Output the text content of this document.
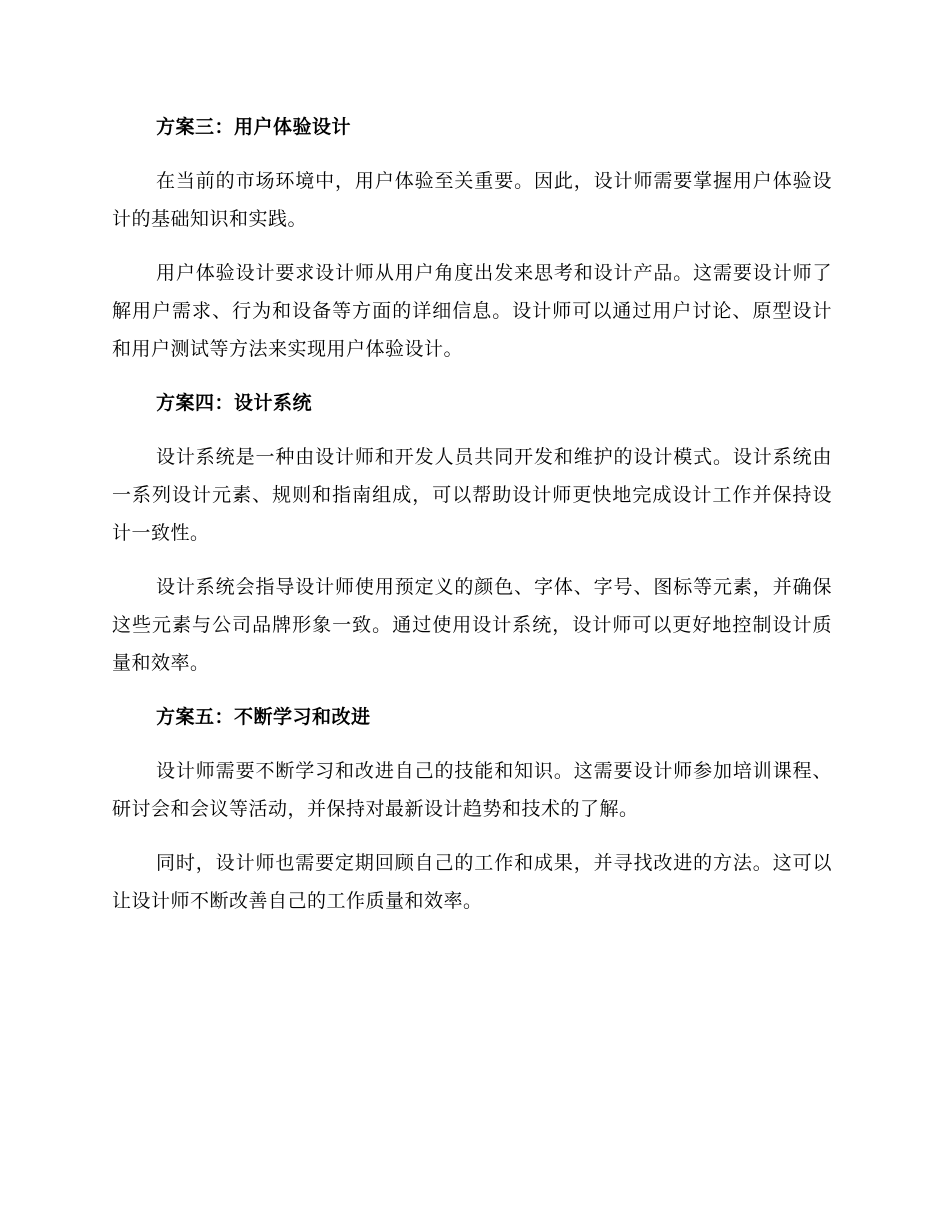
方案三：用户体验设计

在当前的市场环境中，用户体验至关重要。因此，设计师需要掌握用户体验设计的基础知识和实践。

用户体验设计要求设计师从用户角度出发来思考和设计产品。这需要设计师了解用户需求、行为和设备等方面的详细信息。设计师可以通过用户讨论、原型设计和用户测试等方法来实现用户体验设计。

方案四：设计系统

设计系统是一种由设计师和开发人员共同开发和维护的设计模式。设计系统由一系列设计元素、规则和指南组成，可以帮助设计师更快地完成设计工作并保持设计一致性。

设计系统会指导设计师使用预定义的颜色、字体、字号、图标等元素，并确保这些元素与公司品牌形象一致。通过使用设计系统，设计师可以更好地控制设计质量和效率。

方案五：不断学习和改进

设计师需要不断学习和改进自己的技能和知识。这需要设计师参加培训课程、研讨会和会议等活动，并保持对最新设计趋势和技术的了解。

同时，设计师也需要定期回顾自己的工作和成果，并寻找改进的方法。这可以让设计师不断改善自己的工作质量和效率。
